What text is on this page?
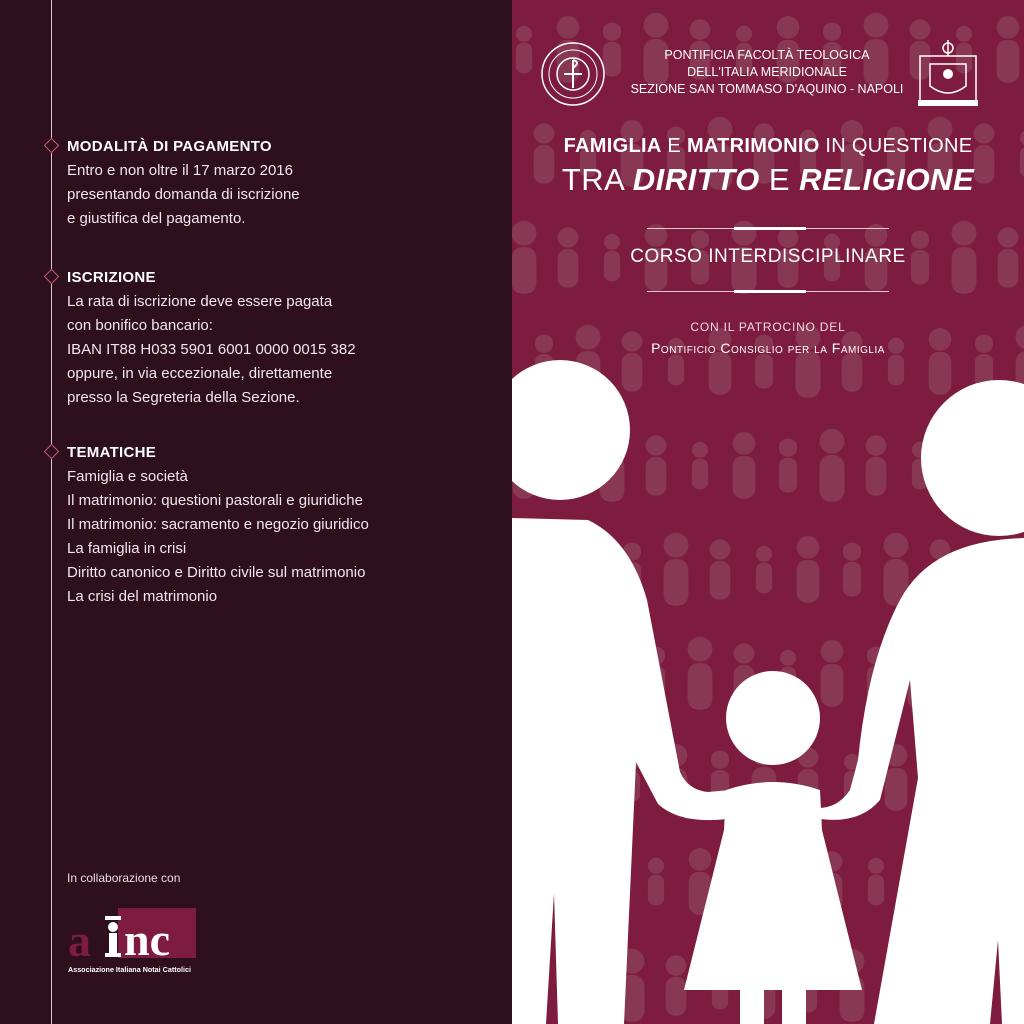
MODALITÀ DI PAGAMENTO
Entro e non oltre il 17 marzo 2016
presentando domanda di iscrizione
e giustifica del pagamento.
ISCRIZIONE
La rata di iscrizione deve essere pagata
con bonifico bancario:
IBAN IT88 H033 5901 6001 0000 0015 382
oppure, in via eccezionale, direttamente
presso la Segreteria della Sezione.
TEMATICHE
Famiglia e società
Il matrimonio: questioni pastorali e giuridiche
Il matrimonio: sacramento e negozio giuridico
La famiglia in crisi
Diritto canonico e Diritto civile sul matrimonio
La crisi del matrimonio
In collaborazione con
a nc
Associazione Italiana Notai Cattolici
PONTIFICIA FACOLTÀ TEOLOGICA
DELL'ITALIA MERIDIONALE
SEZIONE SAN TOMMASO D'AQUINO - NAPOLI
FAMIGLIA E MATRIMONIO IN QUESTIONE
TRA DIRITTO E RELIGIONE
CORSO INTERDISCIPLINARE
CON IL PATROCINO DEL
Pontificio Consiglio per la Famiglia
